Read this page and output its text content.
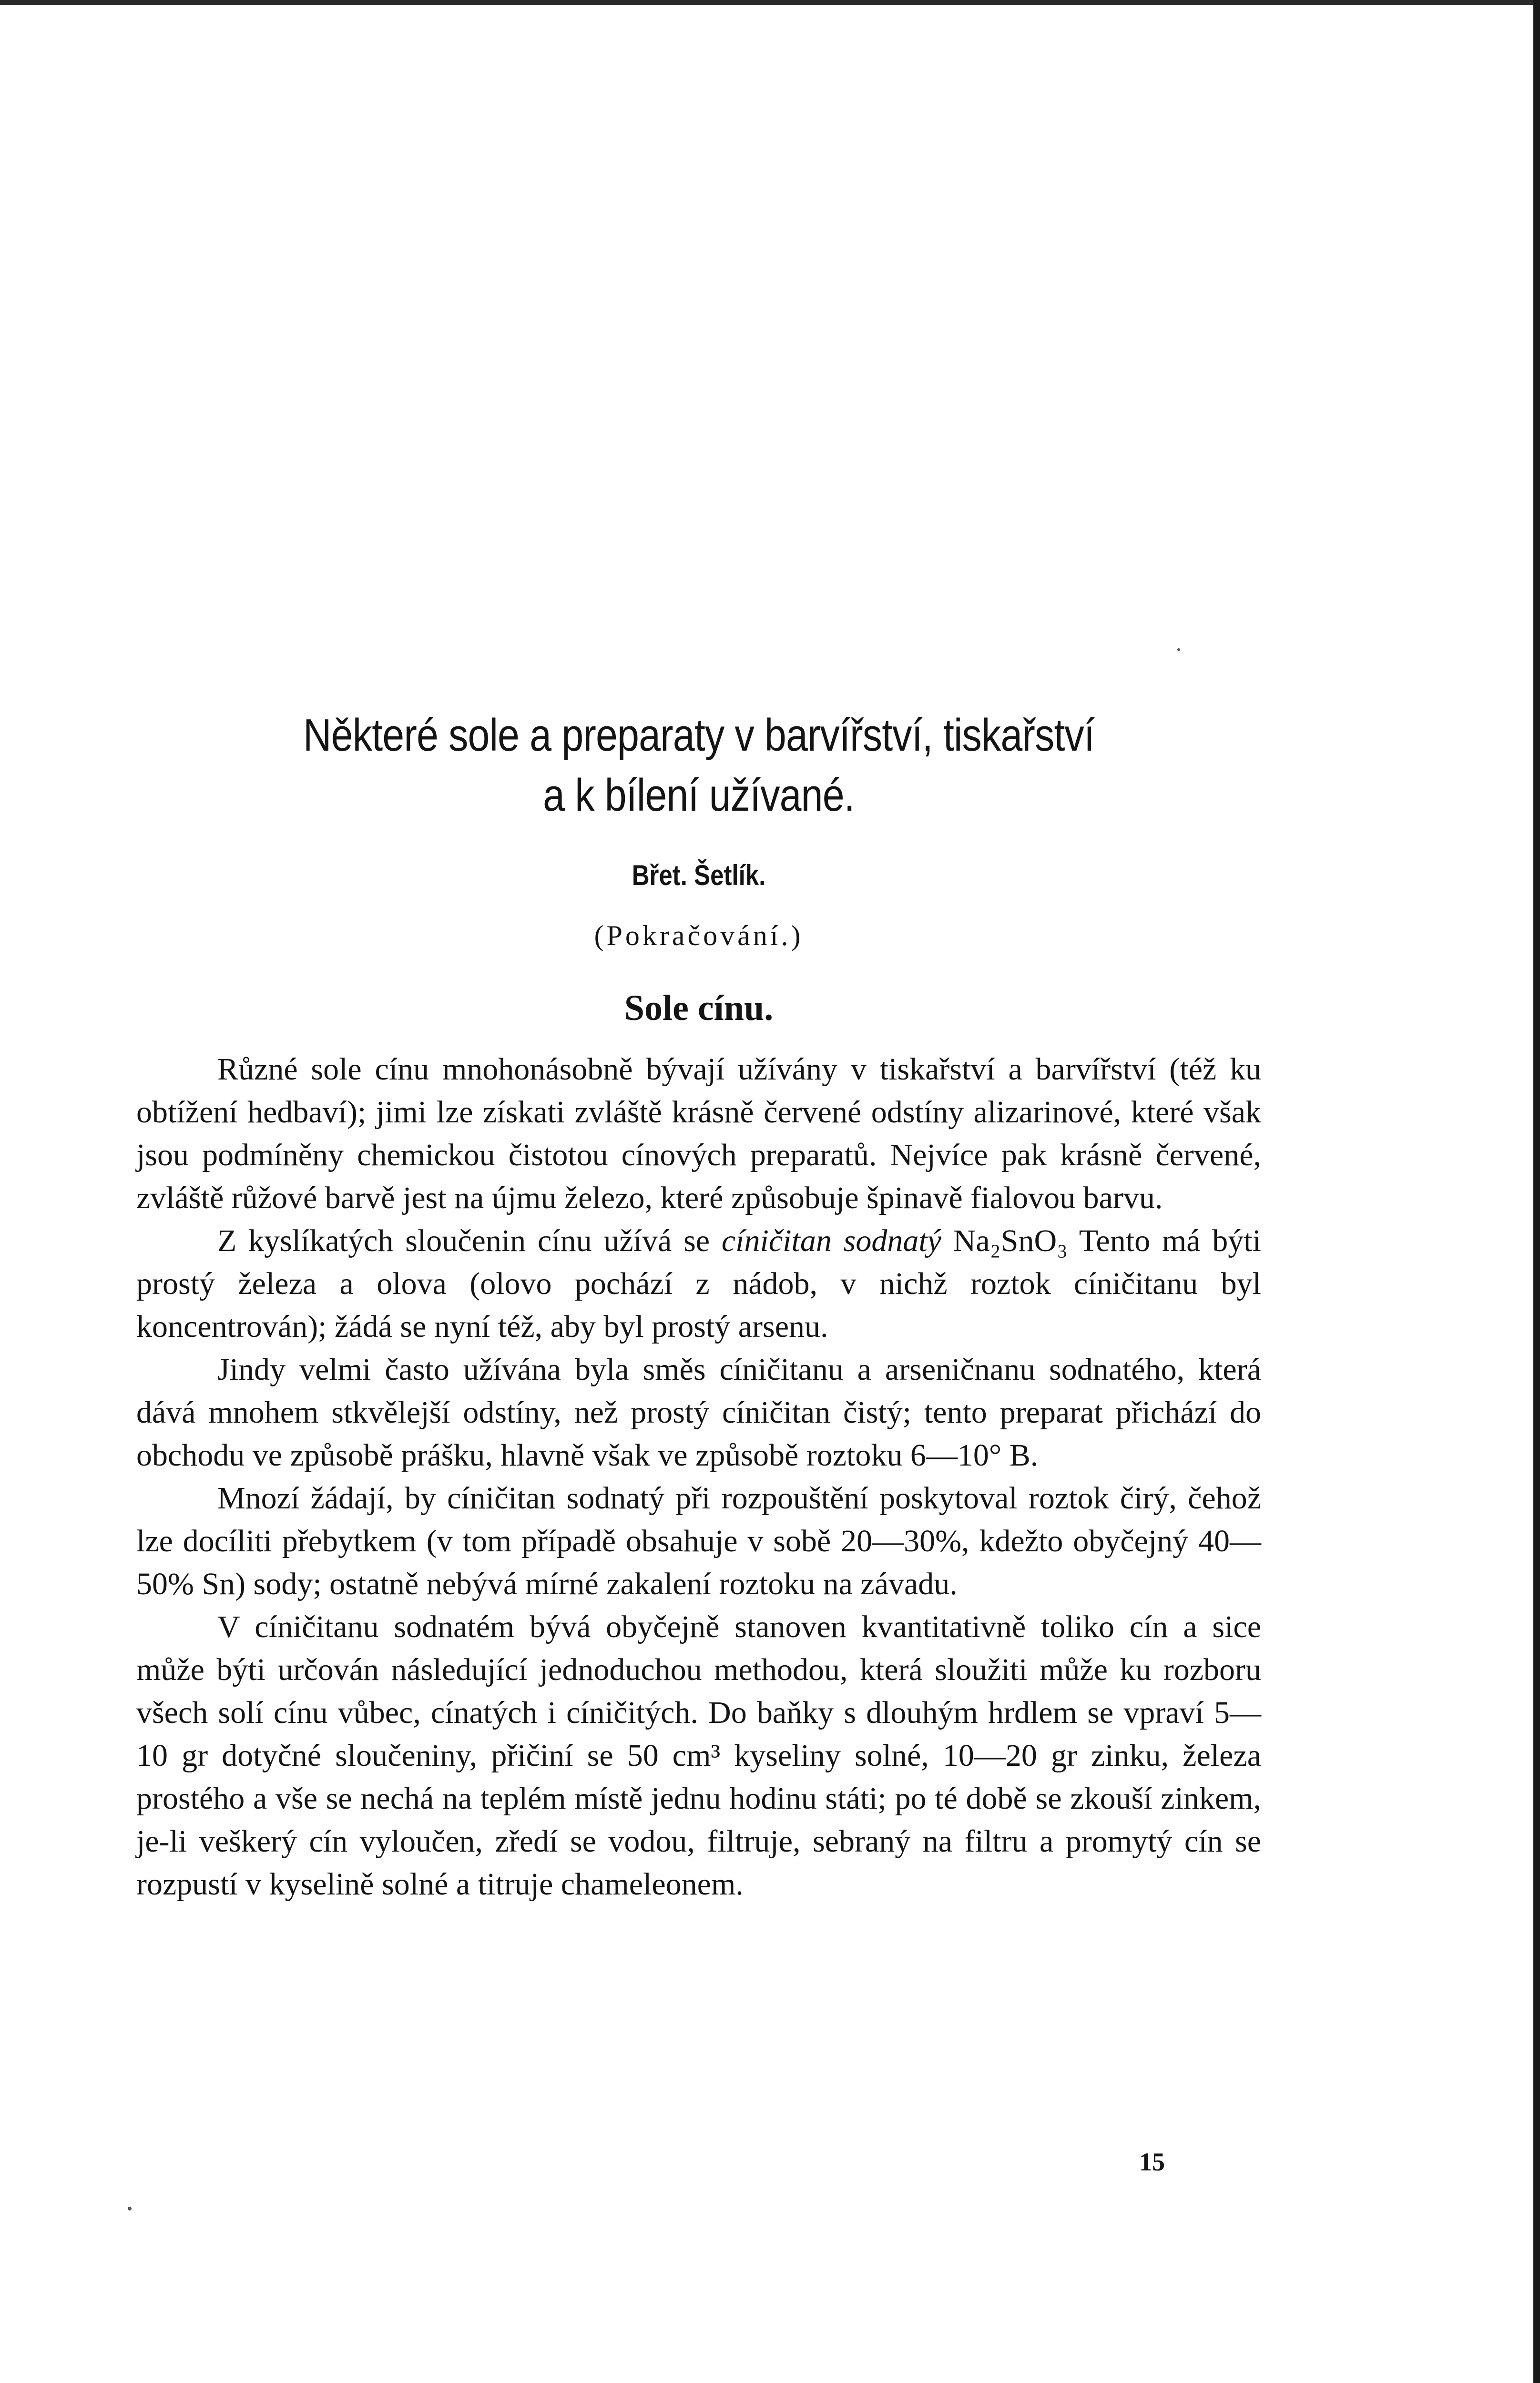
Některé sole a preparaty v barvířství, tiskařství
a k bílení užívané.
Břet. Šetlík.
(Pokračování.)
Sole cínu.

Různé sole cínu mnohonásobně bývají užívány v tiskařství a barvířství (též ku obtížení hedbaví); jimi lze získati zvláště krásně červené odstíny alizarinové, které však jsou podmíněny chemickou čistotou cínových preparatů. Nejvíce pak krásně červené, zvláště růžové barvě jest na újmu železo, které způsobuje špinavě fialovou barvu.

Z kyslíkatých sloučenin cínu užívá se cíničitan sodnatý Na₂SnO₃ Tento má býti prostý železa a olova (olovo pochází z nádob, v nichž roztok cíničitanu byl koncentrován); žádá se nyní též, aby byl prostý arsenu.

Jindy velmi často užívána byla směs cíničitanu a arseničnanu sodnatého, která dává mnohem stkvělejší odstíny, než prostý cíničitan čistý; tento preparat přichází do obchodu ve způsobě prášku, hlavně však ve způsobě roztoku 6—10° B.

Mnozí žádají, by cíničitan sodnatý při rozpouštění poskytoval roztok čirý, čehož lze docíliti přebytkem (v tom případě obsahuje v sobě 20—30%, kdežto obyčejný 40—50% Sn) sody; ostatně nebývá mírné zakalení roztoku na závadu.

V cíničitanu sodnatém bývá obyčejně stanoven kvantitativně toliko cín a sice může býti určován následující jednoduchou methodou, která sloužiti může ku rozboru všech solí cínu vůbec, cínatých i cíničitých. Do baňky s dlouhým hrdlem se vpraví 5—10 gr dotyčné sloučeniny, přičiní se 50 cm³ kyseliny solné, 10—20 gr zinku, železa prostého a vše se nechá na teplém místě jednu hodinu státi; po té době se zkouší zinkem, je-li veškerý cín vyloučen, zředí se vodou, filtruje, sebraný na filtru a promytý cín se rozpustí v kyselině solné a titruje chameleonem.

15
